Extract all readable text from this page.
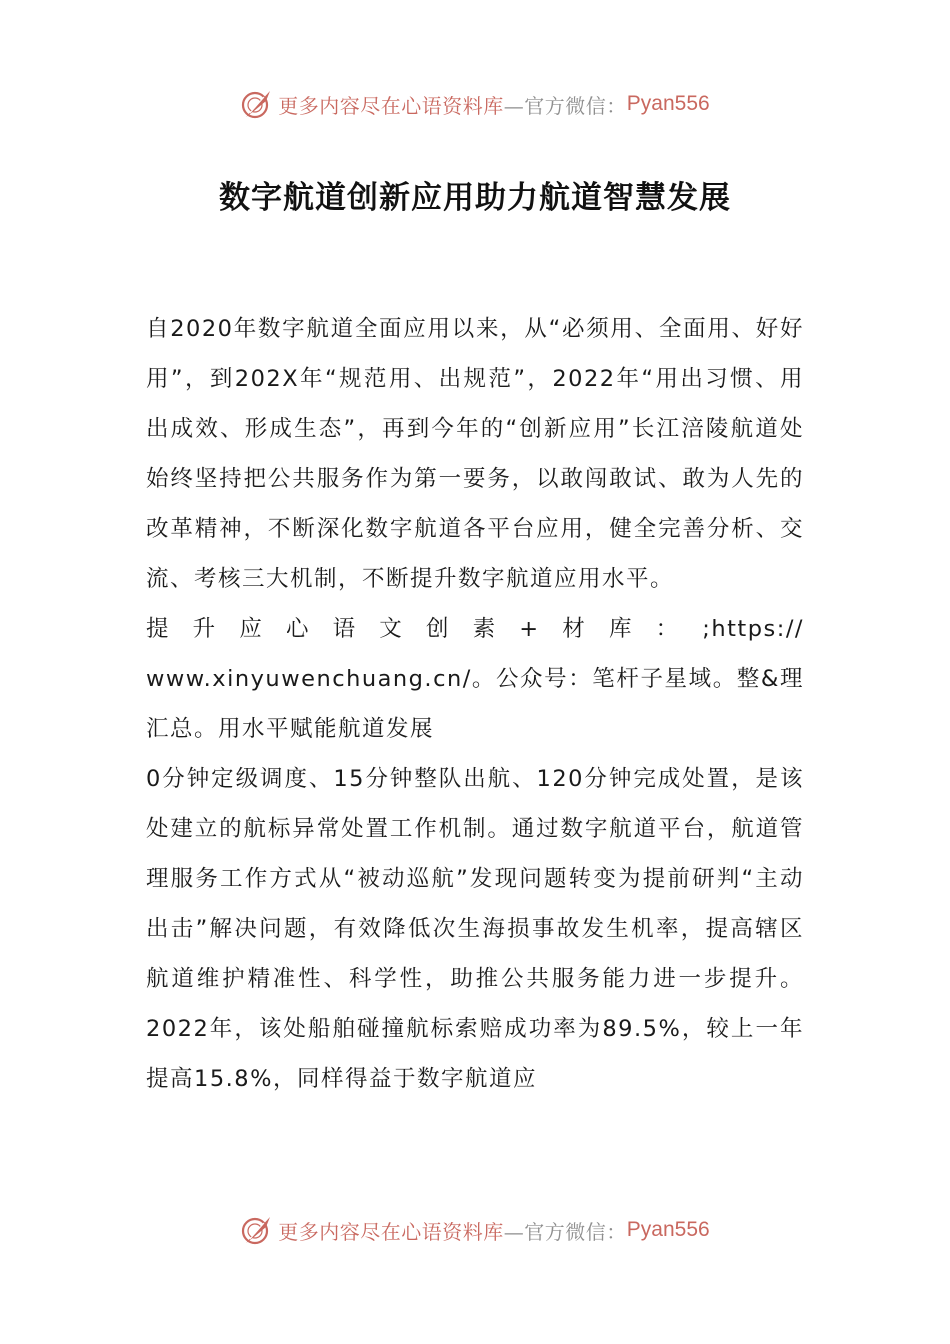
更多内容尽在心语资料库 —官方微信： Pyan556
数字航道创新应用助力航道智慧发展

自2020年数字航道全面应用以来，从“必须用、全面用、好好用”，到202X年“规范用、出规范”，2022年“用出习惯、用出成效、形成生态”，再到今年的“创新应用”长江涪陵航道处始终坚持把公共服务作为第一要务，以敢闯敢试、敢为人先的改革精神，不断深化数字航道各平台应用，健全完善分析、交流、考核三大机制，不断提升数字航道应用水平。

提升应心语文创素+材库：;https://

www.xinyuwenchuang.cn/。公众号：笔杆子星域。整&理汇总。用水平赋能航道发展

0分钟定级调度、15分钟整队出航、120分钟完成处置，是该处建立的航标异常处置工作机制。通过数字航道平台，航道管理服务工作方式从“被动巡航”发现问题转变为提前研判“主动出击”解决问题，有效降低次生海损事故发生机率，提高辖区航道维护精准性、科学性，助推公共服务能力进一步提升。2022年，该处船舶碰撞航标索赔成功率为89.5%，较上一年提高15.8%，同样得益于数字航道应

更多内容尽在心语资料库 —官方微信： Pyan556
